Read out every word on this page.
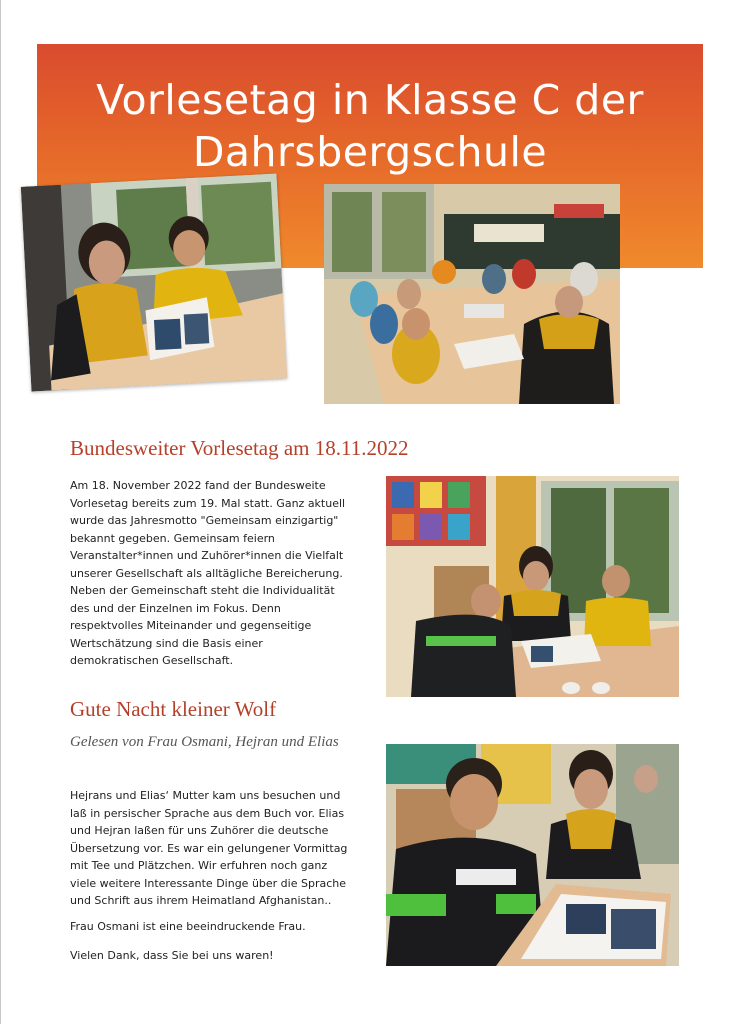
Vorlesetag in Klasse C der
Dahrsbergschule
Bundesweiter Vorlesetag am 18.11.2022
Am 18. November 2022 fand der Bundesweite
Vorlesetag bereits zum 19. Mal statt. Ganz aktuell
wurde das Jahresmotto "Gemeinsam einzigartig"
bekannt gegeben. Gemeinsam feiern
Veranstalter*innen und Zuhörer*innen die Vielfalt
unserer Gesellschaft als alltägliche Bereicherung.
Neben der Gemeinschaft steht die Individualität
des und der Einzelnen im Fokus. Denn
respektvolles Miteinander und gegenseitige
Wertschätzung sind die Basis einer
demokratischen Gesellschaft.
Gute Nacht kleiner Wolf
Gelesen von Frau Osmani, Hejran und Elias
Hejrans und Elias‘ Mutter kam uns besuchen und
laß in persischer Sprache aus dem Buch vor. Elias
und Hejran laßen für uns Zuhörer die deutsche
Übersetzung vor. Es war ein gelungener Vormittag
mit Tee und Plätzchen. Wir erfuhren noch ganz
viele weitere Interessante Dinge über die Sprache
und Schrift aus ihrem Heimatland Afghanistan..
Frau Osmani ist eine beeindruckende Frau.
Vielen Dank, dass Sie bei uns waren!
